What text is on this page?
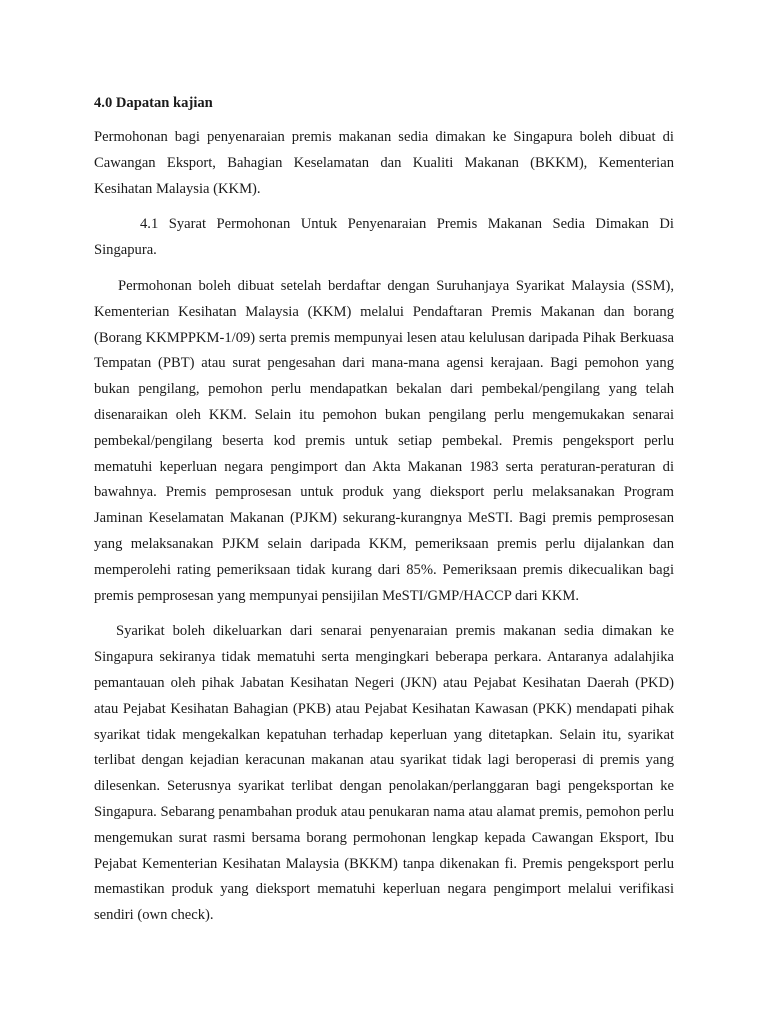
4.0 Dapatan kajian

Permohonan bagi penyenaraian premis makanan sedia dimakan ke Singapura boleh dibuat di Cawangan Eksport, Bahagian Keselamatan dan Kualiti Makanan (BKKM), Kementerian Kesihatan Malaysia (KKM).

4.1 Syarat Permohonan Untuk Penyenaraian Premis Makanan Sedia Dimakan Di Singapura.

Permohonan boleh dibuat setelah berdaftar dengan Suruhanjaya Syarikat Malaysia (SSM), Kementerian Kesihatan Malaysia (KKM) melalui Pendaftaran Premis Makanan dan borang (Borang KKMPPKM-1/09) serta premis mempunyai lesen atau kelulusan daripada Pihak Berkuasa Tempatan (PBT) atau surat pengesahan dari mana-mana agensi kerajaan. Bagi pemohon yang bukan pengilang, pemohon perlu mendapatkan bekalan dari pembekal/pengilang yang telah disenaraikan oleh KKM. Selain itu pemohon bukan pengilang perlu mengemukakan senarai pembekal/pengilang beserta kod premis untuk setiap pembekal. Premis pengeksport perlu mematuhi keperluan negara pengimport dan Akta Makanan 1983 serta peraturan-peraturan di bawahnya. Premis pemprosesan untuk produk yang dieksport perlu melaksanakan Program Jaminan Keselamatan Makanan (PJKM) sekurang-kurangnya MeSTI. Bagi premis pemprosesan yang melaksanakan PJKM selain daripada KKM, pemeriksaan premis perlu dijalankan dan memperolehi rating pemeriksaan tidak kurang dari 85%. Pemeriksaan premis dikecualikan bagi premis pemprosesan yang mempunyai pensijilan MeSTI/GMP/HACCP dari KKM.

Syarikat boleh dikeluarkan dari senarai penyenaraian premis makanan sedia dimakan ke Singapura sekiranya tidak mematuhi serta mengingkari beberapa perkara. Antaranya adalahjika pemantauan oleh pihak Jabatan Kesihatan Negeri (JKN) atau Pejabat Kesihatan Daerah (PKD) atau Pejabat Kesihatan Bahagian (PKB) atau Pejabat Kesihatan Kawasan (PKK) mendapati pihak syarikat tidak mengekalkan kepatuhan terhadap keperluan yang ditetapkan. Selain itu, syarikat terlibat dengan kejadian keracunan makanan atau syarikat tidak lagi beroperasi di premis yang dilesenkan. Seterusnya syarikat terlibat dengan penolakan/perlanggaran bagi pengeksportan ke Singapura. Sebarang penambahan produk atau penukaran nama atau alamat premis, pemohon perlu mengemukan surat rasmi bersama borang permohonan lengkap kepada Cawangan Eksport, Ibu Pejabat Kementerian Kesihatan Malaysia (BKKM) tanpa dikenakan fi. Premis pengeksport perlu memastikan produk yang dieksport mematuhi keperluan negara pengimport melalui verifikasi sendiri (own check).
